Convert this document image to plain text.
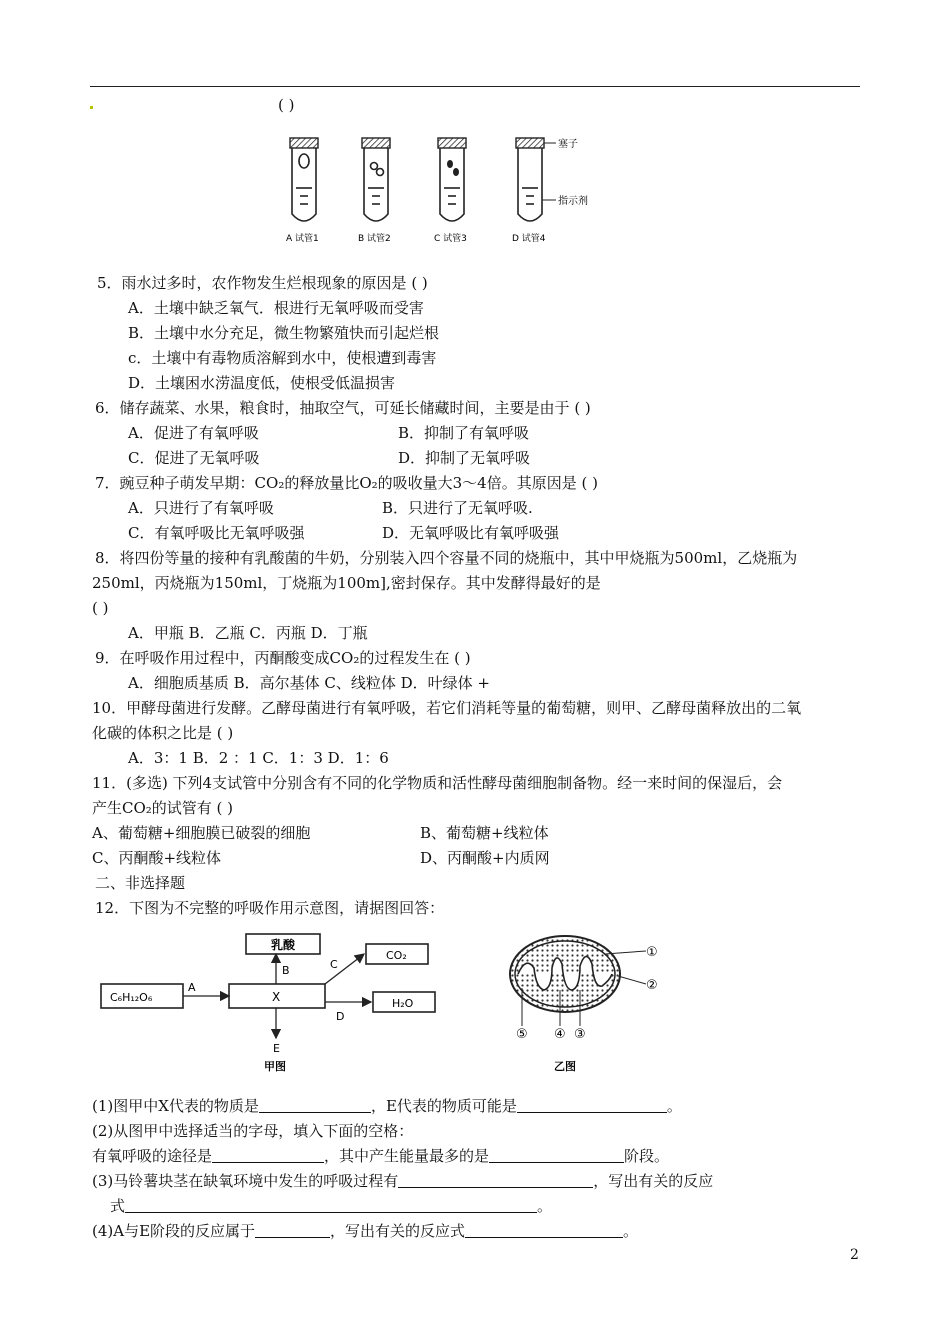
( )
塞子
指示剂
A 试管1	B 试管2	C 试管3	D 试管4
5．雨水过多时，农作物发生烂根现象的原因是 ( )
A．土壤中缺乏氧气．根进行无氧呼吸而受害
B．土壤中水分充足，微生物繁殖快而引起烂根
c．土壤中有毒物质溶解到水中，使根遭到毒害
D．土壤困水涝温度低，使根受低温损害
6．储存蔬菜、水果，粮食时，抽取空气，可延长储藏时间，主要是由于 ( )
A．促进了有氧呼吸	B．抑制了有氧呼吸
C．促进了无氧呼吸	D．抑制了无氧呼吸
7．豌豆种子萌发早期：CO₂的释放量比O₂的吸收量大3～4倍。其原因是 ( )
A．只进行了有氧呼吸	B．只进行了无氧呼吸.
C．有氧呼吸比无氧呼吸强	D．无氧呼吸比有氧呼吸强
8．将四份等量的接种有乳酸菌的牛奶，分别装入四个容量不同的烧瓶中，其中甲烧瓶为500ml，乙烧瓶为
250ml，丙烧瓶为150ml，丁烧瓶为100m],密封保存。其中发酵得最好的是
( )
A．甲瓶 B．乙瓶 C．丙瓶 D．丁瓶
9．在呼吸作用过程中，丙酮酸变成CO₂的过程发生在 ( )
A．细胞质基质 B．高尔基体 C、线粒体 D．叶绿体 +
10．甲酵母菌进行发酵。乙酵母菌进行有氧呼吸，若它们消耗等量的葡萄糖，则甲、乙酵母菌释放出的二氧
化碳的体积之比是 ( )
A．3：1 B．2 ：1 C．1：3 D．1：6
11．(多选) 下列4支试管中分别含有不同的化学物质和活性酵母菌细胞制备物。经一来时间的保湿后，会
产生CO₂的试管有 ( )
A、葡萄糖+细胞膜已破裂的细胞	B、葡萄糖+线粒体
C、丙酮酸+线粒体	D、丙酮酸+内质网
二、非选择题
12．下图为不完整的呼吸作用示意图，请据图回答：
C₆H₁₂O₆
A
X
B
乳酸
C
CO₂
D
H₂O
E
甲图
①
②
⑤ ④ ③
乙图
(1)图甲中X代表的物质是	，E代表的物质可能是	。
(2)从图甲中选择适当的字母，填入下面的空格：
有氧呼吸的途径是	，其中产生能量最多的是	阶段。
(3)马铃薯块茎在缺氧环境中发生的呼吸过程有	，写出有关的反应
式	。
(4)A与E阶段的反应属于	，写出有关的反应式	。
2
